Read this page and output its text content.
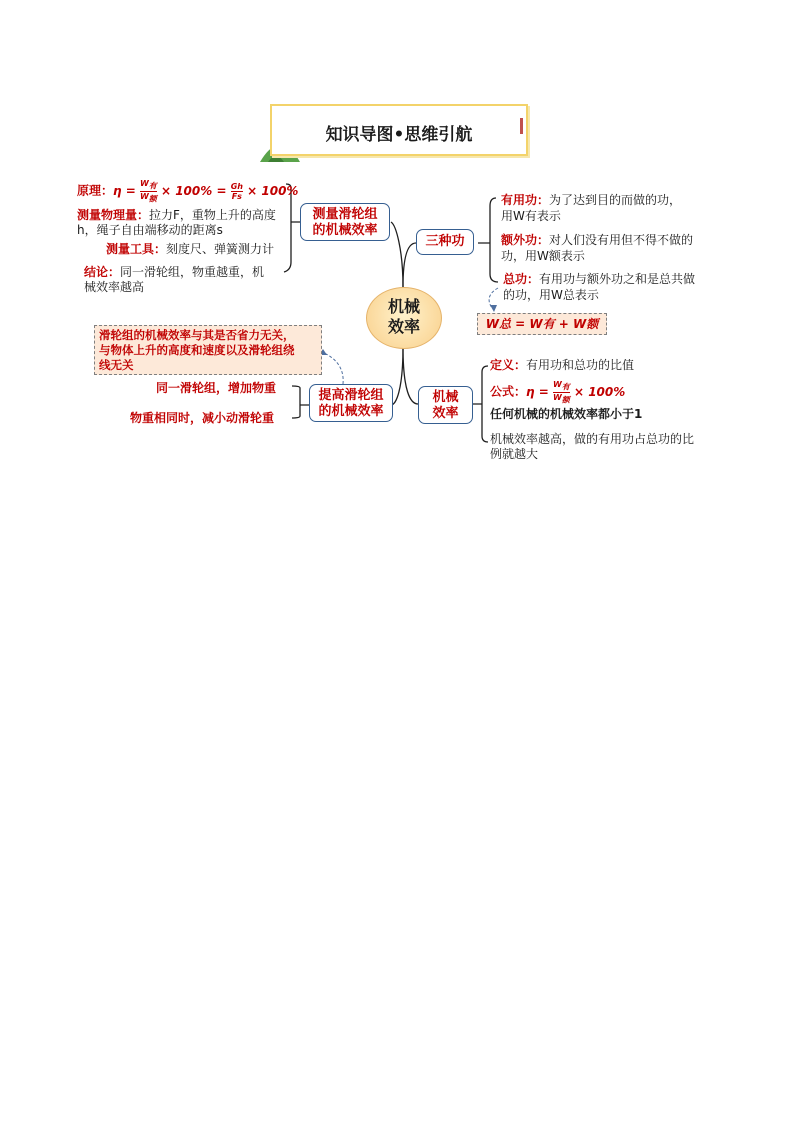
知识导图•思维引航
机械
效率
测量滑轮组
的机械效率
原理：η =
$W_有$
$W_额$
× $100\% = \frac{Gh}{Fs} \times 100\%$
测量物理量：拉力F，重物上升的高度
h，绳子自由端移动的距离s
测量工具：刻度尺、弹簧测力计
结论：同一滑轮组，物重越重，机
械效率越高
滑轮组的机械效率与其是否省力无关，
与物体上升的高度和速度以及滑轮组绕
线无关
提高滑轮组
的机械效率
同一滑轮组，增加物重
物重相同时，减小动滑轮重
三种功
有用功：为了达到目的而做的功，
用W有表示
额外功：对人们没有用但不得不做的
功，用W额表示
总功：有用功与额外功之和是总共做
的功，用W总表示
W总 = W有 + W额
机械
效率
定义：有用功和总功的比值
公式：η =
$W_有$
$W_额$
× 100%
任何机械的机械效率都小于1
机械效率越高，做的有用功占总功的比
例就越大
